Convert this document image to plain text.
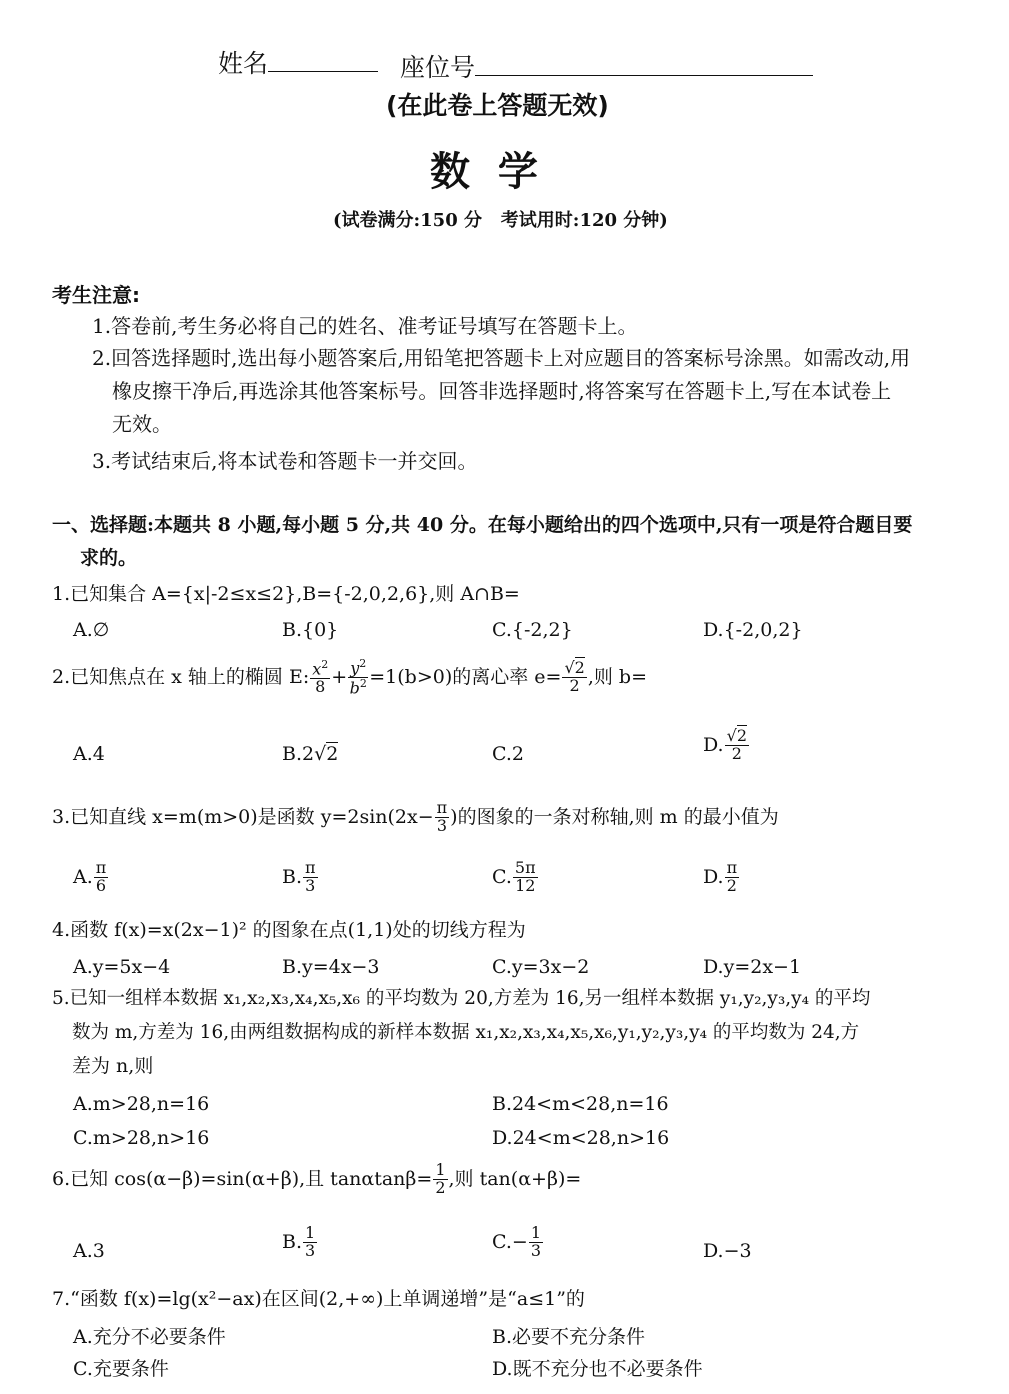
姓名	座位号
(在此卷上答题无效)
数  学
(试卷满分:150 分   考试用时:120 分钟)
考生注意:
1.答卷前,考生务必将自己的姓名、准考证号填写在答题卡上。
2.回答选择题时,选出每小题答案后,用铅笔把答题卡上对应题目的答案标号涂黑。如需改动,用
橡皮擦干净后,再选涂其他答案标号。回答非选择题时,将答案写在答题卡上,写在本试卷上
无效。
3.考试结束后,将本试卷和答题卡一并交回。
一、选择题:本题共 8 小题,每小题 5 分,共 40 分。在每小题给出的四个选项中,只有一项是符合题目要
求的。
1.已知集合 A={x|-2≤x≤2},B={-2,0,2,6},则 A∩B=
A.∅	B.{0}	C.{-2,2}	D.{-2,0,2}
2.已知焦点在 x 轴上的椭圆 E: $\frac{x^2}{8} + \frac{y^2}{b^2} =1(b>0)$的离心率 $e= \frac{√2}{2}$ ,则 b=
A.4	B.2√2	C.2	D. $\frac{√2}{2}$
3.已知直线 x=m(m>0)是函数 $y=2\sin(2x- \frac{\pi}{3}$ )的图象的一条对称轴,则 m 的最小值为
A. $\frac{\pi}{6}$	B. $\frac{\pi}{3}$	C. $\frac{5\pi}{12}$	D. $\frac{\pi}{2}$
4.函数 f(x)=x(2x−1)² 的图象在点(1,1)处的切线方程为
A.y=5x−4	B.y=4x−3	C.y=3x−2	D.y=2x−1
5.已知一组样本数据 x₁,x₂,x₃,x₄,x₅,x₆ 的平均数为 20,方差为 16,另一组样本数据 y₁,y₂,y₃,y₄ 的平均
数为 m,方差为 16,由两组数据构成的新样本数据 x₁,x₂,x₃,x₄,x₅,x₆,y₁,y₂,y₃,y₄ 的平均数为 24,方
差为 n,则
A.m>28,n=16	B.24<m<28,n=16
C.m>28,n>16	D.24<m<28,n>16
6.已知 cos(α−β)=sin(α+β),且 $\tan\alpha\tan\beta= \frac{1}{2}$ ,则 tan(α+β)=
A.3	B. $\frac{1}{3}$	$C.- \frac{1}{3}$	D.−3
7.“函数 f(x)=lg(x²−ax)在区间(2,+∞)上单调递增”是“a≤1”的
A.充分不必要条件	B.必要不充分条件
C.充要条件	D.既不充分也不必要条件
